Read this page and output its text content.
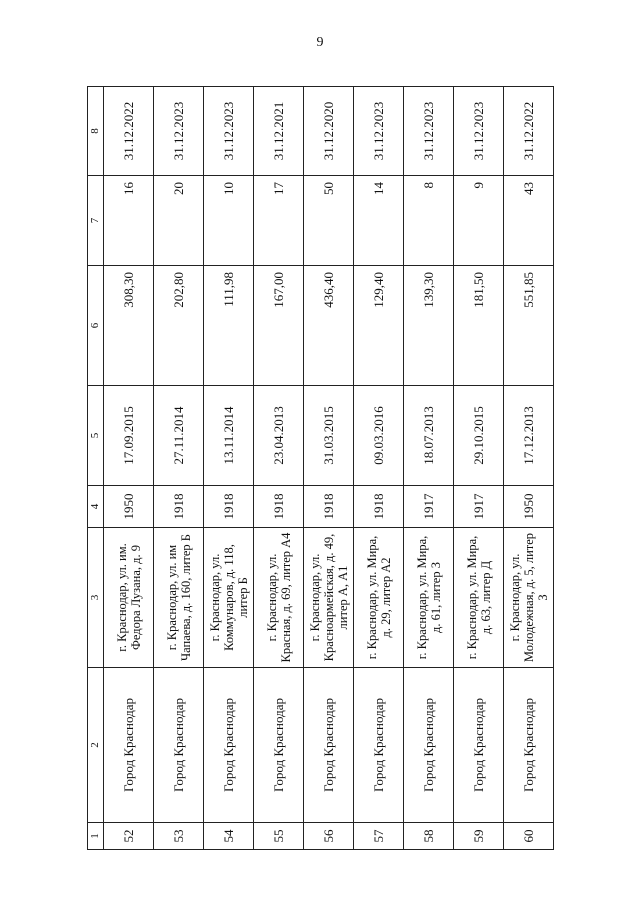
9
1	2	3	4	5	6	7	8
52	Город Краснодар	г. Краснодар, ул. им. Федора Лузана, д. 9	1950	17.09.2015	308,30	16	31.12.2022
53	Город Краснодар	г. Краснодар, ул. им Чапаева, д. 160, литер Б	1918	27.11.2014	202,80	20	31.12.2023
54	Город Краснодар	г. Краснодар, ул. Коммунаров, д. 118, литер Б	1918	13.11.2014	111,98	10	31.12.2023
55	Город Краснодар	г. Краснодар, ул. Красная, д. 69, литер А4	1918	23.04.2013	167,00	17	31.12.2021
56	Город Краснодар	г. Краснодар, ул. Красноармейская, д. 49, литер А, А1	1918	31.03.2015	436,40	50	31.12.2020
57	Город Краснодар	г. Краснодар, ул. Мира, д. 29, литер А2	1918	09.03.2016	129,40	14	31.12.2023
58	Город Краснодар	г. Краснодар, ул. Мира, д. 61, литер З	1917	18.07.2013	139,30	8	31.12.2023
59	Город Краснодар	г. Краснодар, ул. Мира, д. 63, литер Д	1917	29.10.2015	181,50	9	31.12.2023
60	Город Краснодар	г. Краснодар, ул. Молодежная, д. 5, литер З	1950	17.12.2013	551,85	43	31.12.2022
